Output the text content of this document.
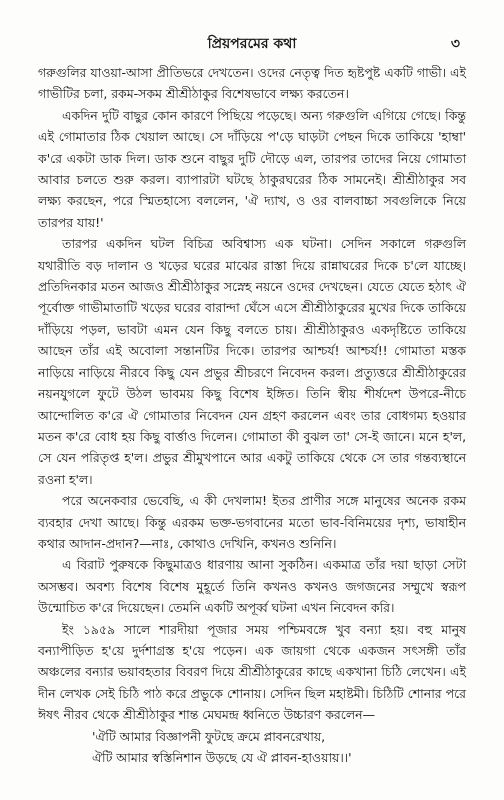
প্রিয়পরমের কথা	৩

গরুগুলির যাওয়া-আসা প্রীতিভরে দেখতেন। ওদের নেতৃত্ব দিত হৃষ্টপুষ্ট একটি গাভী। এই গাভীটির চলা, রকম-সকম শ্রীশ্রীঠাকুর বিশেষভাবে লক্ষ্য করতেন।

একদিন দুটি বাছুর কোন কারণে পিছিয়ে পড়েছে। অন্য গরুগুলি এগিয়ে গেছে। কিন্তু এই গোমাতার ঠিক খেয়াল আছে। সে দাঁড়িয়ে প'ড়ে ঘাড়টা পেছন দিকে তাকিয়ে 'হাম্বা' ক'রে একটা ডাক দিল। ডাক শুনে বাছুর দুটি দৌড়ে এল, তারপর তাদের নিয়ে গোমাতা আবার চলতে শুরু করল। ব্যাপারটা ঘটছে ঠাকুরঘরের ঠিক সামনেই। শ্রীশ্রীঠাকুর সব লক্ষ্য করছেন, পরে স্মিতহাস্যে বললেন, 'ঐ দ্যাখ, ও ওর বালবাচ্চা সবগুলিকে নিয়ে তারপর যায়!'

তারপর একদিন ঘটল বিচিত্র অবিশ্বাস্য এক ঘটনা। সেদিন সকালে গরুগুলি যথারীতি বড় দালান ও খড়ের ঘরের মাঝের রাস্তা দিয়ে রান্নাঘরের দিকে চ'লে যাচ্ছে। প্রতিদিনকার মতন আজও শ্রীশ্রীঠাকুর সস্নেহ নয়নে ওদের দেখছেন। যেতে যেতে হঠাৎ ঐ পূর্বোক্ত গাভীমাতাটি খড়ের ঘরের বারান্দা ঘেঁসে এসে শ্রীশ্রীঠাকুরের মুখের দিকে তাকিয়ে দাঁড়িয়ে পড়ল, ভাবটা এমন যেন কিছু বলতে চায়। শ্রীশ্রীঠাকুরও একদৃষ্টিতে তাকিয়ে আছেন তাঁর এই অবোলা সন্তানটির দিকে। তারপর আশ্চর্য! আশ্চর্য!! গোমাতা মস্তক নাড়িয়ে নাড়িয়ে নীরবে কিছু যেন প্রভুর শ্রীচরণে নিবেদন করল। প্রত্যুত্তরে শ্রীশ্রীঠাকুরের নয়নযুগলে ফুটে উঠল ভাবময় কিছু বিশেষ ইঙ্গিত। তিনি স্বীয় শীর্ষদেশ উপরে-নীচে আন্দোলিত ক'রে ঐ গোমাতার নিবেদন যেন গ্রহণ করলেন এবং তার বোধগম্য হওয়ার মতন ক'রে বোধ হয় কিছু বার্ত্তাও দিলেন। গোমাতা কী বুঝল তা' সে-ই জানে। মনে হ'ল, সে যেন পরিতৃপ্ত হ'ল। প্রভুর শ্রীমুখপানে আর একটু তাকিয়ে থেকে সে তার গন্তব্যস্থানে রওনা হ'ল।

পরে অনেকবার ভেবেছি, এ কী দেখলাম! ইতর প্রাণীর সঙ্গে মানুষের অনেক রকম ব্যবহার দেখা আছে। কিন্তু এরকম ভক্ত-ভগবানের মতো ভাব-বিনিময়ের দৃশ্য, ভাষাহীন কথার আদান-প্রদান?—নাঃ, কোথাও দেখিনি, কখনও শুনিনি।

এ বিরাট পুরুষকে কিছুমাত্রও ধারণায় আনা সুকঠিন। একমাত্র তাঁর দয়া ছাড়া সেটা অসম্ভব। অবশ্য বিশেষ বিশেষ মুহূর্তে তিনি কখনও কখনও জগজনের সম্মুখে স্বরূপ উন্মোচিত ক'রে দিয়েছেন। তেমনি একটি অপূর্ব্ব ঘটনা এখন নিবেদন করি।

ইং ১৯৫৯ সালে শারদীয়া পূজার সময় পশ্চিমবঙ্গে খুব বন্যা হয়। বহু মানুষ বন্যাপীড়িত হ'য়ে দুর্দশাগ্রস্ত হ'য়ে পড়েন। এক জায়গা থেকে একজন সৎসঙ্গী তাঁর অঞ্চলের বন্যার ভয়াবহতার বিবরণ দিয়ে শ্রীশ্রীঠাকুরের কাছে একখানা চিঠি লেখেন। এই দীন লেখক সেই চিঠি পাঠ করে প্রভুকে শোনায়। সেদিন ছিল মহাষ্টমী। চিঠিটি শোনার পরে ঈষৎ নীরব থেকে শ্রীশ্রীঠাকুর শান্ত মেঘমন্দ্র ধ্বনিতে উচ্চারণ করলেন—

'ঐটি আমার বিজ্ঞাপনী ফুটছে ক্রমে প্লাবনরেখায়,
ঐটি আমার স্বস্তিনিশান উড়ছে যে ঐ প্লাবন-হাওয়ায়।।'
